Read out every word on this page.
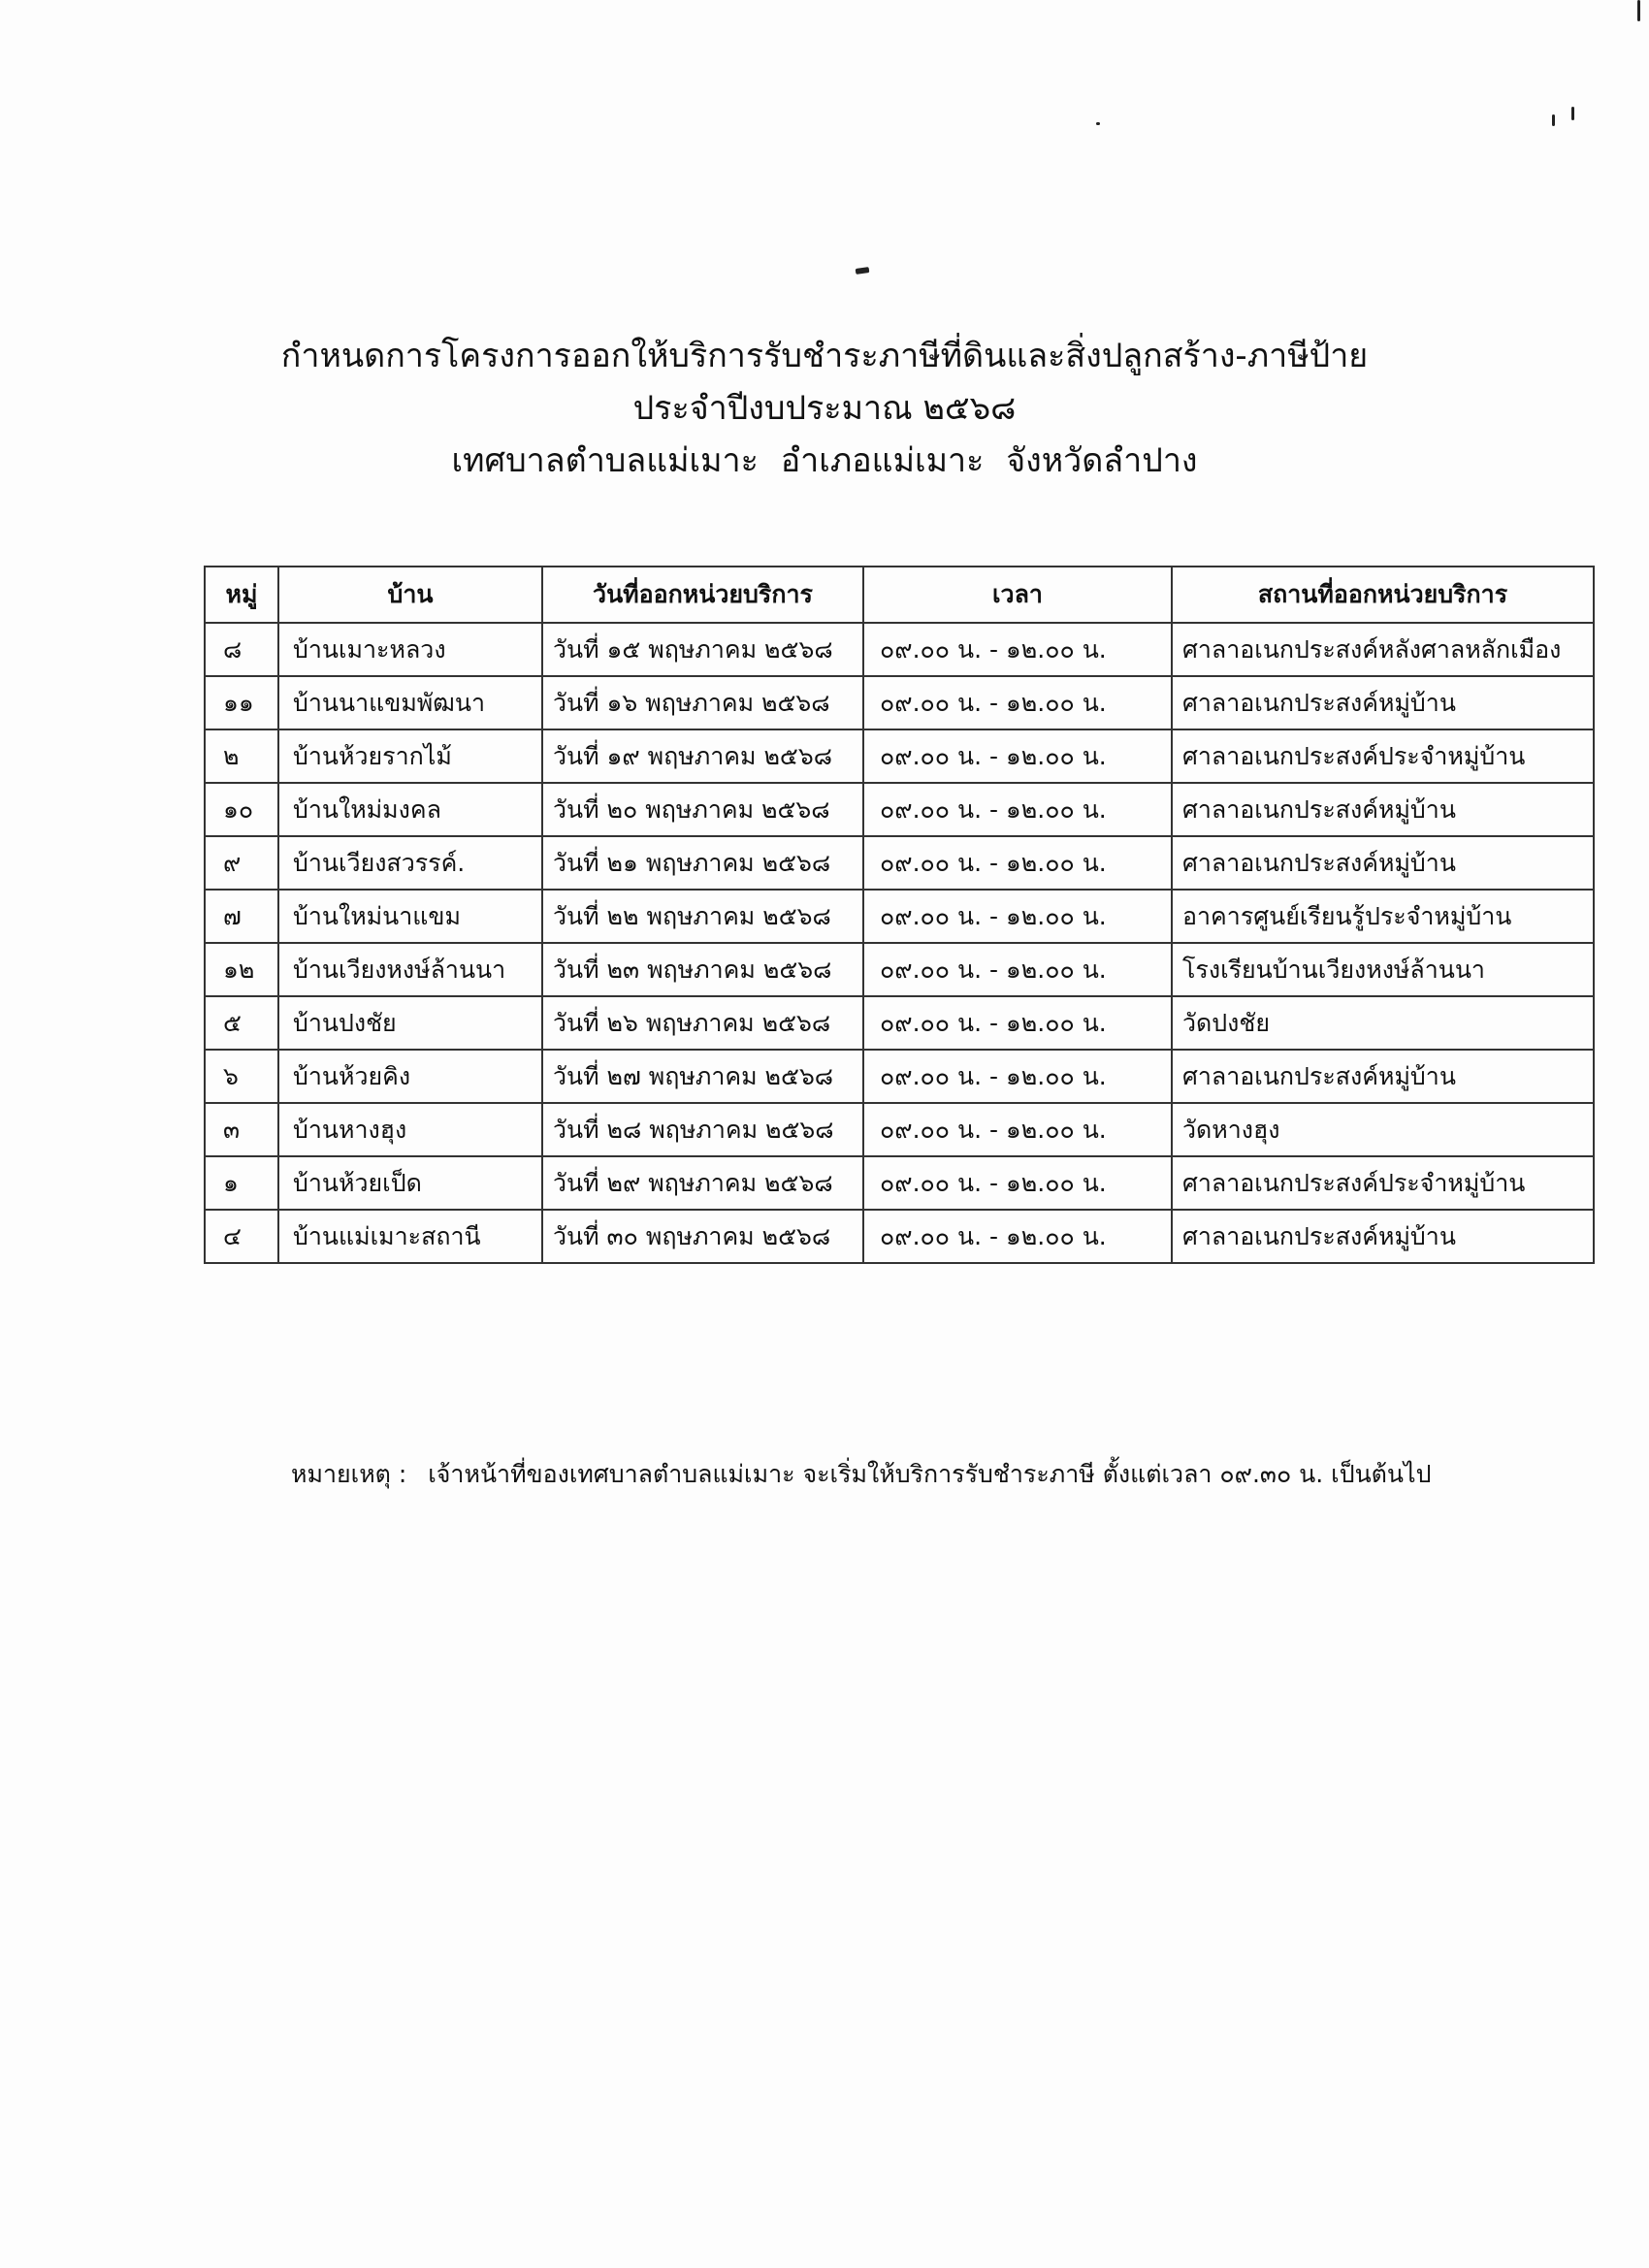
กำหนดการโครงการออกให้บริการรับชำระภาษีที่ดินและสิ่งปลูกสร้าง-ภาษีป้าย
ประจำปีงบประมาณ ๒๕๖๘
เทศบาลตำบลแม่เมาะ อำเภอแม่เมาะ จังหวัดลำปาง
หมู่	บ้าน	วันที่ออกหน่วยบริการ	เวลา	สถานที่ออกหน่วยบริการ
๘	บ้านเมาะหลวง	วันที่ ๑๕ พฤษภาคม ๒๕๖๘	๐๙.๐๐ น. - ๑๒.๐๐ น.	ศาลาอเนกประสงค์หลังศาลหลักเมือง
๑๑	บ้านนาแขมพัฒนา	วันที่ ๑๖ พฤษภาคม ๒๕๖๘	๐๙.๐๐ น. - ๑๒.๐๐ น.	ศาลาอเนกประสงค์หมู่บ้าน
๒	บ้านห้วยรากไม้	วันที่ ๑๙ พฤษภาคม ๒๕๖๘	๐๙.๐๐ น. - ๑๒.๐๐ น.	ศาลาอเนกประสงค์ประจำหมู่บ้าน
๑๐	บ้านใหม่มงคล	วันที่ ๒๐ พฤษภาคม ๒๕๖๘	๐๙.๐๐ น. - ๑๒.๐๐ น.	ศาลาอเนกประสงค์หมู่บ้าน
๙	บ้านเวียงสวรรค์.	วันที่ ๒๑ พฤษภาคม ๒๕๖๘	๐๙.๐๐ น. - ๑๒.๐๐ น.	ศาลาอเนกประสงค์หมู่บ้าน
๗	บ้านใหม่นาแขม	วันที่ ๒๒ พฤษภาคม ๒๕๖๘	๐๙.๐๐ น. - ๑๒.๐๐ น.	อาคารศูนย์เรียนรู้ประจำหมู่บ้าน
๑๒	บ้านเวียงหงษ์ล้านนา	วันที่ ๒๓ พฤษภาคม ๒๕๖๘	๐๙.๐๐ น. - ๑๒.๐๐ น.	โรงเรียนบ้านเวียงหงษ์ล้านนา
๕	บ้านปงชัย	วันที่ ๒๖ พฤษภาคม ๒๕๖๘	๐๙.๐๐ น. - ๑๒.๐๐ น.	วัดปงชัย
๖	บ้านห้วยคิง	วันที่ ๒๗ พฤษภาคม ๒๕๖๘	๐๙.๐๐ น. - ๑๒.๐๐ น.	ศาลาอเนกประสงค์หมู่บ้าน
๓	บ้านหางฮุง	วันที่ ๒๘ พฤษภาคม ๒๕๖๘	๐๙.๐๐ น. - ๑๒.๐๐ น.	วัดหางฮุง
๑	บ้านห้วยเป็ด	วันที่ ๒๙ พฤษภาคม ๒๕๖๘	๐๙.๐๐ น. - ๑๒.๐๐ น.	ศาลาอเนกประสงค์ประจำหมู่บ้าน
๔	บ้านแม่เมาะสถานี	วันที่ ๓๐ พฤษภาคม ๒๕๖๘	๐๙.๐๐ น. - ๑๒.๐๐ น.	ศาลาอเนกประสงค์หมู่บ้าน
หมายเหตุ : เจ้าหน้าที่ของเทศบาลตำบลแม่เมาะ จะเริ่มให้บริการรับชำระภาษี ตั้งแต่เวลา ๐๙.๓๐ น. เป็นต้นไป
